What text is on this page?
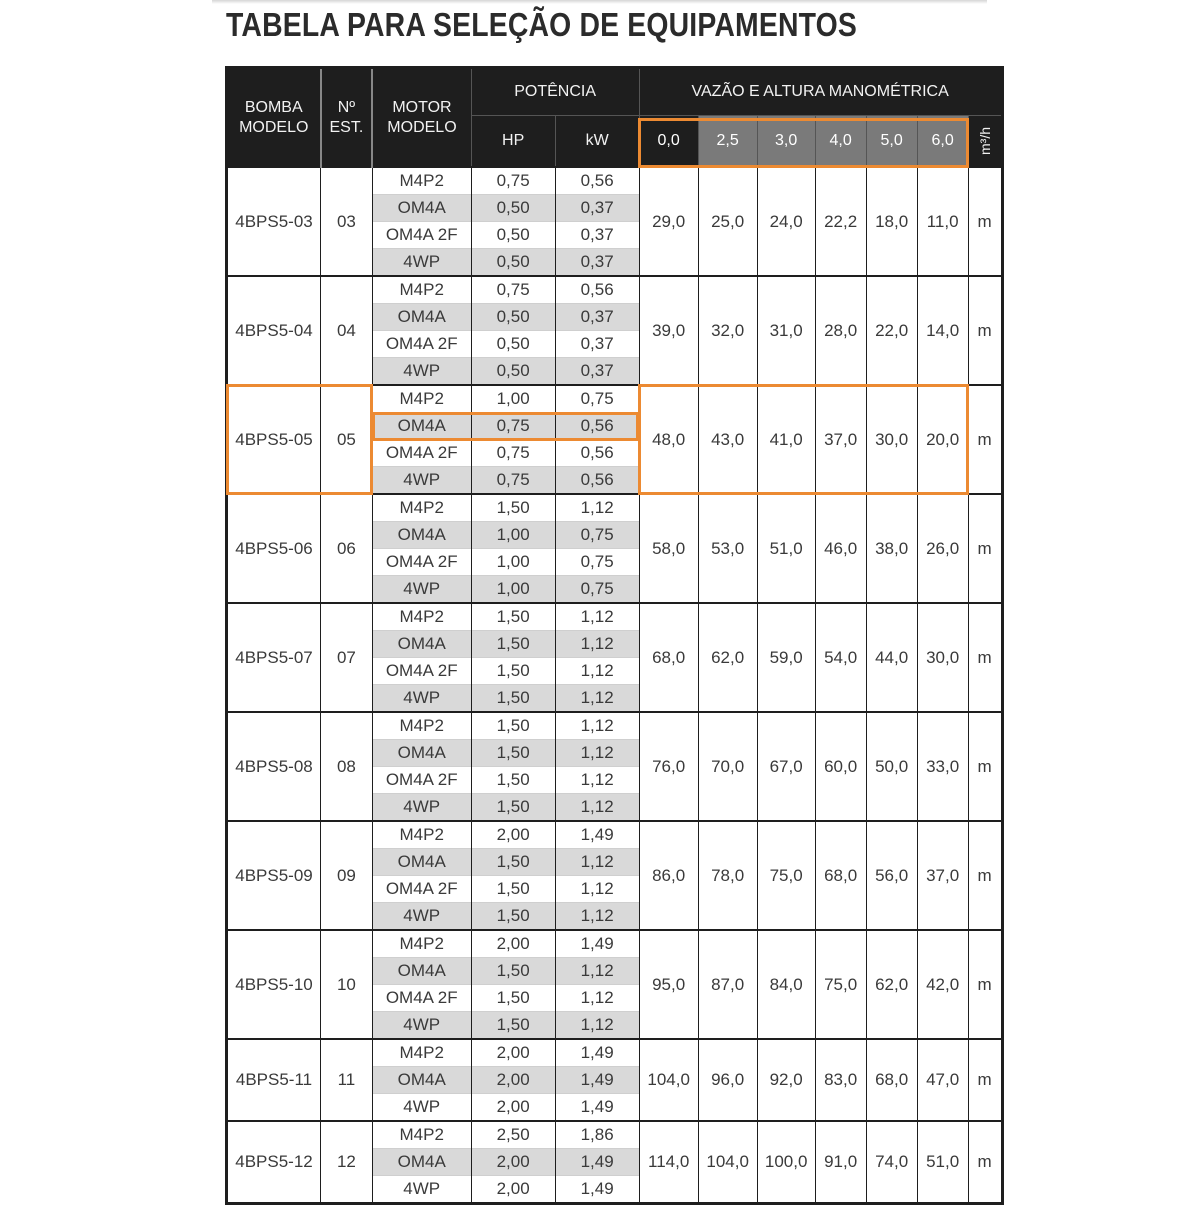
TABELA PARA SELEÇÃO DE EQUIPAMENTOS
BOMBA MODELO	Nº EST.	MOTOR MODELO	POTÊNCIA		VAZÃO E ALTURA MANOMÉTRICA						
			HP	kW	0,0	2,5	3,0	4,0	5,0	6,0	m³/h
4BPS5-03	03	M4P2	0,75	0,56	29,0	25,0	24,0	22,2	18,0	11,0	m
		OM4A	0,50	0,37							
		OM4A 2F	0,50	0,37							
		4WP	0,50	0,37							
4BPS5-04	04	M4P2	0,75	0,56	39,0	32,0	31,0	28,0	22,0	14,0	m
		OM4A	0,50	0,37							
		OM4A 2F	0,50	0,37							
		4WP	0,50	0,37							
4BPS5-05	05	M4P2	1,00	0,75	48,0	43,0	41,0	37,0	30,0	20,0	m
		OM4A	0,75	0,56							
		OM4A 2F	0,75	0,56							
		4WP	0,75	0,56							
4BPS5-06	06	M4P2	1,50	1,12	58,0	53,0	51,0	46,0	38,0	26,0	m
		OM4A	1,00	0,75							
		OM4A 2F	1,00	0,75							
		4WP	1,00	0,75							
4BPS5-07	07	M4P2	1,50	1,12	68,0	62,0	59,0	54,0	44,0	30,0	m
		OM4A	1,50	1,12							
		OM4A 2F	1,50	1,12							
		4WP	1,50	1,12							
4BPS5-08	08	M4P2	1,50	1,12	76,0	70,0	67,0	60,0	50,0	33,0	m
		OM4A	1,50	1,12							
		OM4A 2F	1,50	1,12							
		4WP	1,50	1,12							
4BPS5-09	09	M4P2	2,00	1,49	86,0	78,0	75,0	68,0	56,0	37,0	m
		OM4A	1,50	1,12							
		OM4A 2F	1,50	1,12							
		4WP	1,50	1,12							
4BPS5-10	10	M4P2	2,00	1,49	95,0	87,0	84,0	75,0	62,0	42,0	m
		OM4A	1,50	1,12							
		OM4A 2F	1,50	1,12							
		4WP	1,50	1,12							
4BPS5-11	11	M4P2	2,00	1,49	104,0	96,0	92,0	83,0	68,0	47,0	m
		OM4A	2,00	1,49							
		4WP	2,00	1,49							
4BPS5-12	12	M4P2	2,50	1,86	114,0	104,0	100,0	91,0	74,0	51,0	m
		OM4A	2,00	1,49							
		4WP	2,00	1,49							
